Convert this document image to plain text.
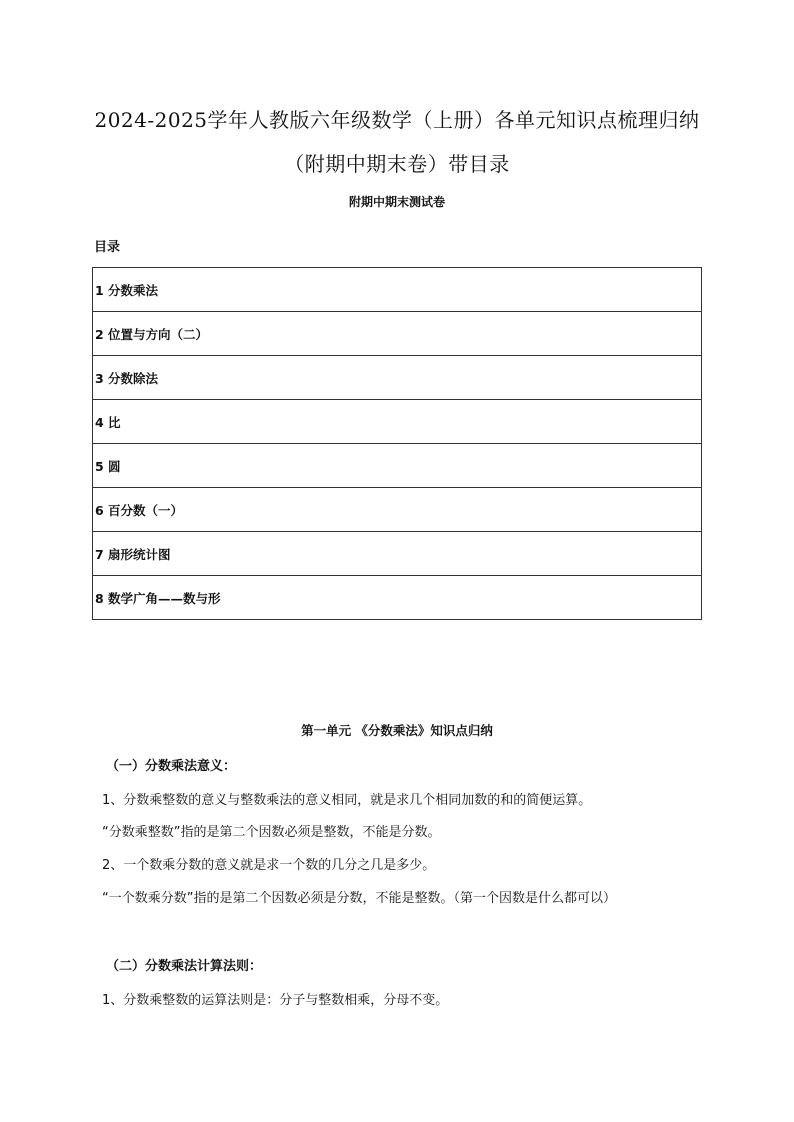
2024-2025学年人教版六年级数学（上册）各单元知识点梳理归纳
（附期中期末卷）带目录
附期中期末测试卷
目录
1 分数乘法
2 位置与方向（二）
3 分数除法
4 比
5 圆
6 百分数（一）
7 扇形统计图
8 数学广角——数与形
第一单元 《分数乘法》知识点归纳
（一）分数乘法意义：
1、分数乘整数的意义与整数乘法的意义相同，就是求几个相同加数的和的简便运算。
“分数乘整数”指的是第二个因数必须是整数，不能是分数。
2、一个数乘分数的意义就是求一个数的几分之几是多少。
“一个数乘分数”指的是第二个因数必须是分数，不能是整数。（第一个因数是什么都可以）
（二）分数乘法计算法则：
1、分数乘整数的运算法则是：分子与整数相乘，分母不变。
